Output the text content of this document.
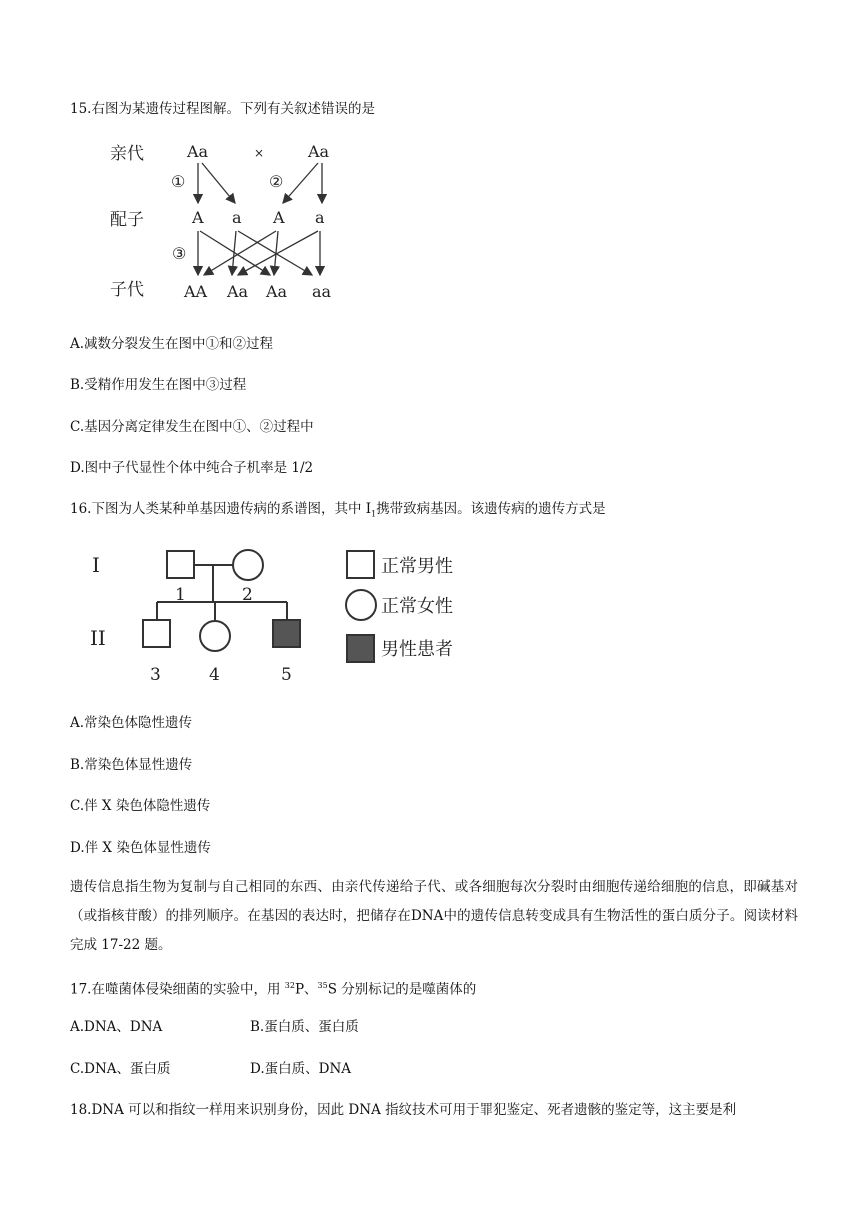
15.右图为某遗传过程图解。下列有关叙述错误的是
亲代
配子
子代
Aa	×	Aa
①	②
③
A a A a
AA Aa Aa aa
A.减数分裂发生在图中①和②过程
B.受精作用发生在图中③过程
C.基因分离定律发生在图中①、②过程中
D.图中子代显性个体中纯合子机率是 1/2
16.下图为人类某种单基因遗传病的系谱图，其中 $I_1$携带致病基因。该遗传病的遗传方式是
I
II
1	2
3	4	5
正常男性
正常女性
男性患者
A.常染色体隐性遗传
B.常染色体显性遗传
C.伴 X 染色体隐性遗传
D.伴 X 染色体显性遗传
遗传信息指生物为复制与自己相同的东西、由亲代传递给子代、或各细胞每次分裂时由细胞传递给细胞的信息，即碱基对（或指核苷酸）的排列顺序。在基因的表达时，把储存在DNA中的遗传信息转变成具有生物活性的蛋白质分子。阅读材料完成 17-22 题。
17.在噬菌体侵染细菌的实验中，用 $^{32}$P、$^{35}$S 分别标记的是噬菌体的
A.DNA、DNA	B.蛋白质、蛋白质
C.DNA、蛋白质	D.蛋白质、DNA
18.DNA 可以和指纹一样用来识别身份，因此 DNA 指纹技术可用于罪犯鉴定、死者遗骸的鉴定等，这主要是利
